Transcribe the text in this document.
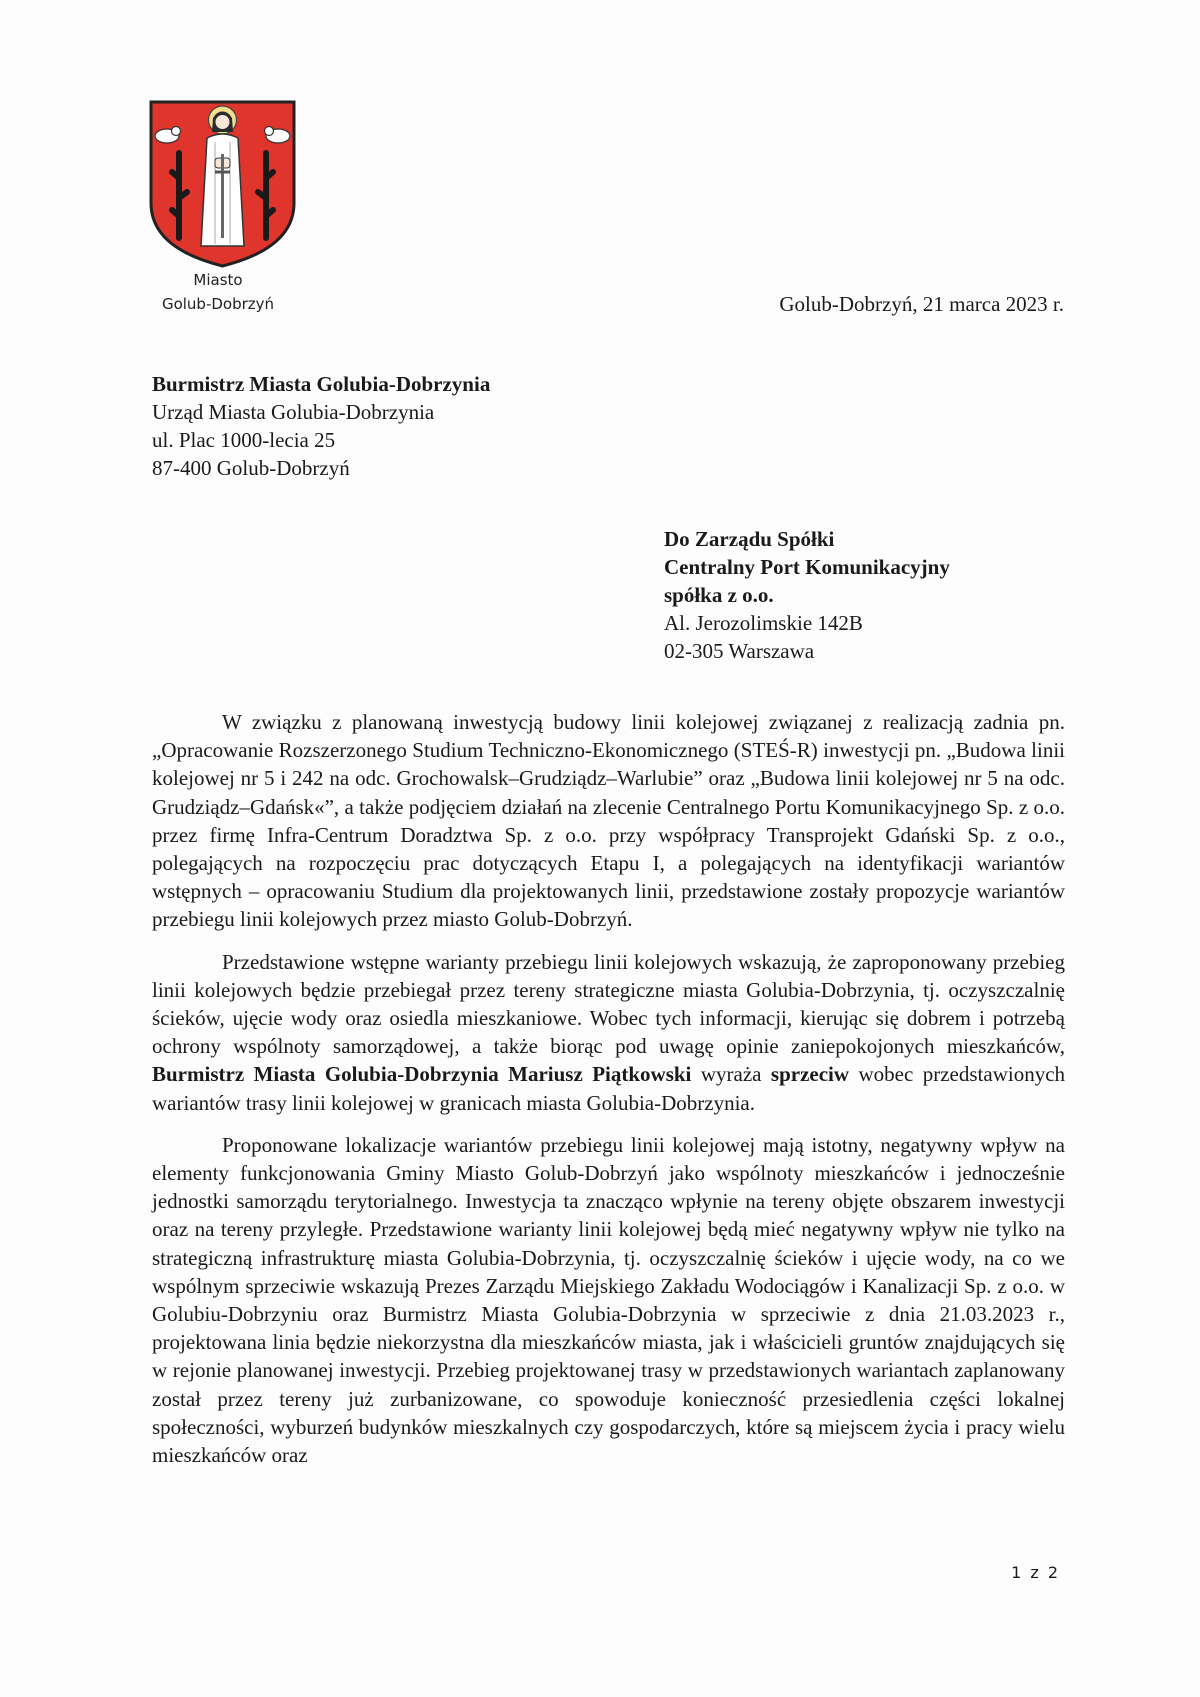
Miasto
Golub-Dobrzyń	Golub-Dobrzyń, 21 marca 2023 r.
Burmistrz Miasta Golubia-Dobrzynia
Urząd Miasta Golubia-Dobrzynia
ul. Plac 1000-lecia 25
87-400 Golub-Dobrzyń
Do Zarządu Spółki
Centralny Port Komunikacyjny
spółka z o.o.
Al. Jerozolimskie 142B
02-305 Warszawa

W związku z planowaną inwestycją budowy linii kolejowej związanej z realizacją zadnia pn. „Opracowanie Rozszerzonego Studium Techniczno-Ekonomicznego (STEŚ-R) inwestycji pn. „Budowa linii kolejowej nr 5 i 242 na odc. Grochowalsk–Grudziądz–Warlubie” oraz „Budowa linii kolejowej nr 5 na odc. Grudziądz–Gdańsk«”, a także podjęciem działań na zlecenie Centralnego Portu Komunikacyjnego Sp. z o.o. przez firmę Infra-Centrum Doradztwa Sp. z o.o. przy współpracy Transprojekt Gdański Sp. z o.o., polegających na rozpoczęciu prac dotyczących Etapu I, a polegających na identyfikacji wariantów wstępnych – opracowaniu Studium dla projektowanych linii, przedstawione zostały propozycje wariantów przebiegu linii kolejowych przez miasto Golub-Dobrzyń.

Przedstawione wstępne warianty przebiegu linii kolejowych wskazują, że zaproponowany przebieg linii kolejowych będzie przebiegał przez tereny strategiczne miasta Golubia-Dobrzynia, tj. oczyszczalnię ścieków, ujęcie wody oraz osiedla mieszkaniowe. Wobec tych informacji, kierując się dobrem i potrzebą ochrony wspólnoty samorządowej, a także biorąc pod uwagę opinie zaniepokojonych mieszkańców, Burmistrz Miasta Golubia-Dobrzynia Mariusz Piątkowski wyraża sprzeciw wobec przedstawionych wariantów trasy linii kolejowej w granicach miasta Golubia-Dobrzynia.

Proponowane lokalizacje wariantów przebiegu linii kolejowej mają istotny, negatywny wpływ na elementy funkcjonowania Gminy Miasto Golub-Dobrzyń jako wspólnoty mieszkańców i jednocześnie jednostki samorządu terytorialnego. Inwestycja ta znacząco wpłynie na tereny objęte obszarem inwestycji oraz na tereny przyległe. Przedstawione warianty linii kolejowej będą mieć negatywny wpływ nie tylko na strategiczną infrastrukturę miasta Golubia-Dobrzynia, tj. oczyszczalnię ścieków i ujęcie wody, na co we wspólnym sprzeciwie wskazują Prezes Zarządu Miejskiego Zakładu Wodociągów i Kanalizacji Sp. z o.o. w Golubiu-Dobrzyniu oraz Burmistrz Miasta Golubia-Dobrzynia w sprzeciwie z dnia 21.03.2023 r., projektowana linia będzie niekorzystna dla mieszkańców miasta, jak i właścicieli gruntów znajdujących się w rejonie planowanej inwestycji. Przebieg projektowanej trasy w przedstawionych wariantach zaplanowany został przez tereny już zurbanizowane, co spowoduje konieczność przesiedlenia części lokalnej społeczności, wyburzeń budynków mieszkalnych czy gospodarczych, które są miejscem życia i pracy wielu mieszkańców oraz

1 z 2
